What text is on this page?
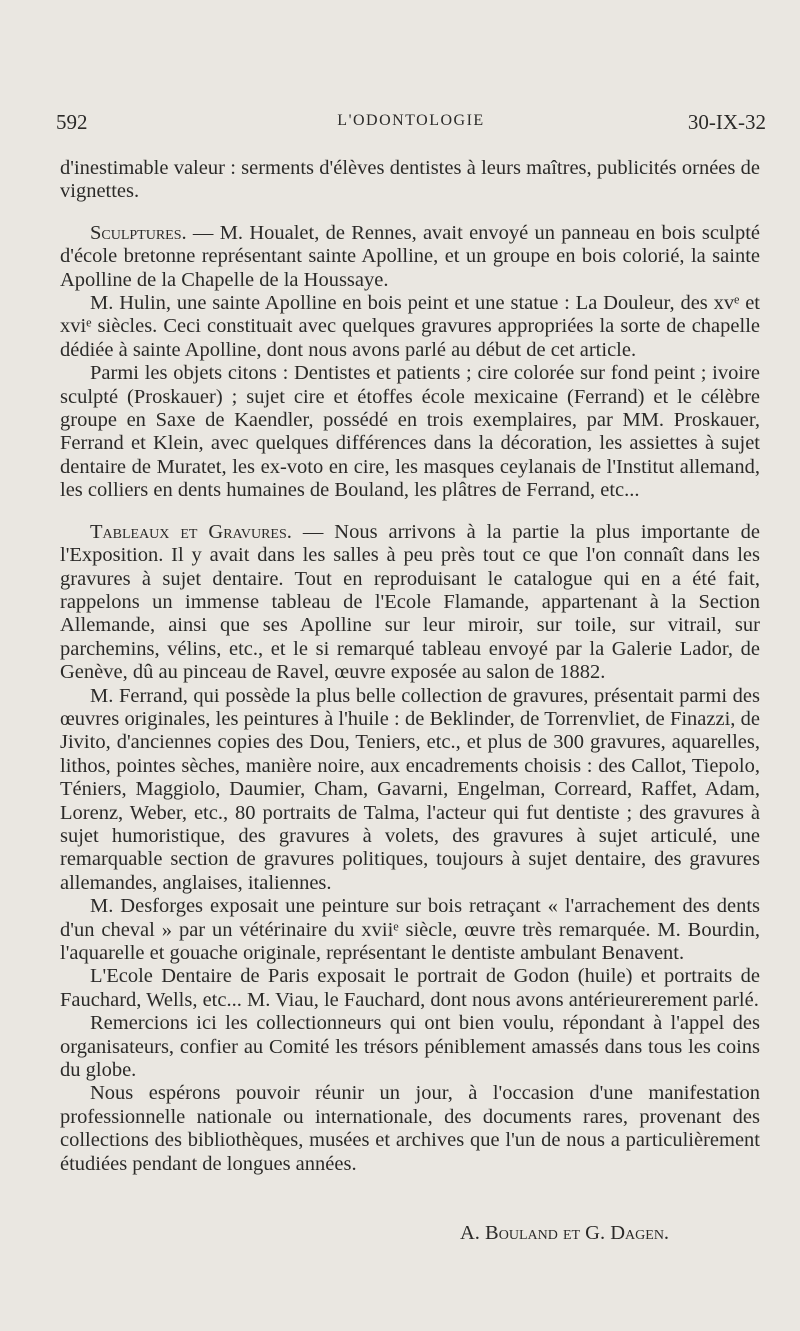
592	L'ODONTOLOGIE	30-IX-32

d'inestimable valeur : serments d'élèves dentistes à leurs maîtres, publicités ornées de vignettes.

Sculptures. — M. Houalet, de Rennes, avait envoyé un panneau en bois sculpté d'école bretonne représentant sainte Apolline, et un groupe en bois colorié, la sainte Apolline de la Chapelle de la Houssaye.

M. Hulin, une sainte Apolline en bois peint et une statue : La Douleur, des xvᵉ et xviᵉ siècles. Ceci constituait avec quelques gravures appropriées la sorte de chapelle dédiée à sainte Apolline, dont nous avons parlé au début de cet article.

Parmi les objets citons : Dentistes et patients ; cire colorée sur fond peint ; ivoire sculpté (Proskauer) ; sujet cire et étoffes école mexicaine (Ferrand) et le célèbre groupe en Saxe de Kaendler, possédé en trois exemplaires, par MM. Proskauer, Ferrand et Klein, avec quelques différences dans la décoration, les assiettes à sujet dentaire de Muratet, les ex-voto en cire, les masques ceylanais de l'Institut allemand, les colliers en dents humaines de Bouland, les plâtres de Ferrand, etc...

Tableaux et Gravures. — Nous arrivons à la partie la plus importante de l'Exposition. Il y avait dans les salles à peu près tout ce que l'on connaît dans les gravures à sujet dentaire. Tout en reproduisant le catalogue qui en a été fait, rappelons un immense tableau de l'Ecole Flamande, appartenant à la Section Allemande, ainsi que ses Apolline sur leur miroir, sur toile, sur vitrail, sur parchemins, vélins, etc., et le si remarqué tableau envoyé par la Galerie Lador, de Genève, dû au pinceau de Ravel, œuvre exposée au salon de 1882.

M. Ferrand, qui possède la plus belle collection de gravures, présentait parmi des œuvres originales, les peintures à l'huile : de Beklinder, de Torrenvliet, de Finazzi, de Jivito, d'anciennes copies des Dou, Teniers, etc., et plus de 300 gravures, aquarelles, lithos, pointes sèches, manière noire, aux encadrements choisis : des Callot, Tiepolo, Téniers, Maggiolo, Daumier, Cham, Gavarni, Engelman, Correard, Raffet, Adam, Lorenz, Weber, etc., 80 portraits de Talma, l'acteur qui fut dentiste ; des gravures à sujet humoristique, des gravures à volets, des gravures à sujet articulé, une remarquable section de gravures politiques, toujours à sujet dentaire, des gravures allemandes, anglaises, italiennes.

M. Desforges exposait une peinture sur bois retraçant « l'arrachement des dents d'un cheval » par un vétérinaire du xviiᵉ siècle, œuvre très remarquée. M. Bourdin, l'aquarelle et gouache originale, représentant le dentiste ambulant Benavent.

L'Ecole Dentaire de Paris exposait le portrait de Godon (huile) et portraits de Fauchard, Wells, etc... M. Viau, le Fauchard, dont nous avons antérieurerement parlé.

Remercions ici les collectionneurs qui ont bien voulu, répondant à l'appel des organisateurs, confier au Comité les trésors péniblement amassés dans tous les coins du globe.

Nous espérons pouvoir réunir un jour, à l'occasion d'une manifestation professionnelle nationale ou internationale, des documents rares, provenant des collections des bibliothèques, musées et archives que l'un de nous a particulièrement étudiées pendant de longues années.

A. Bouland et G. Dagen.
